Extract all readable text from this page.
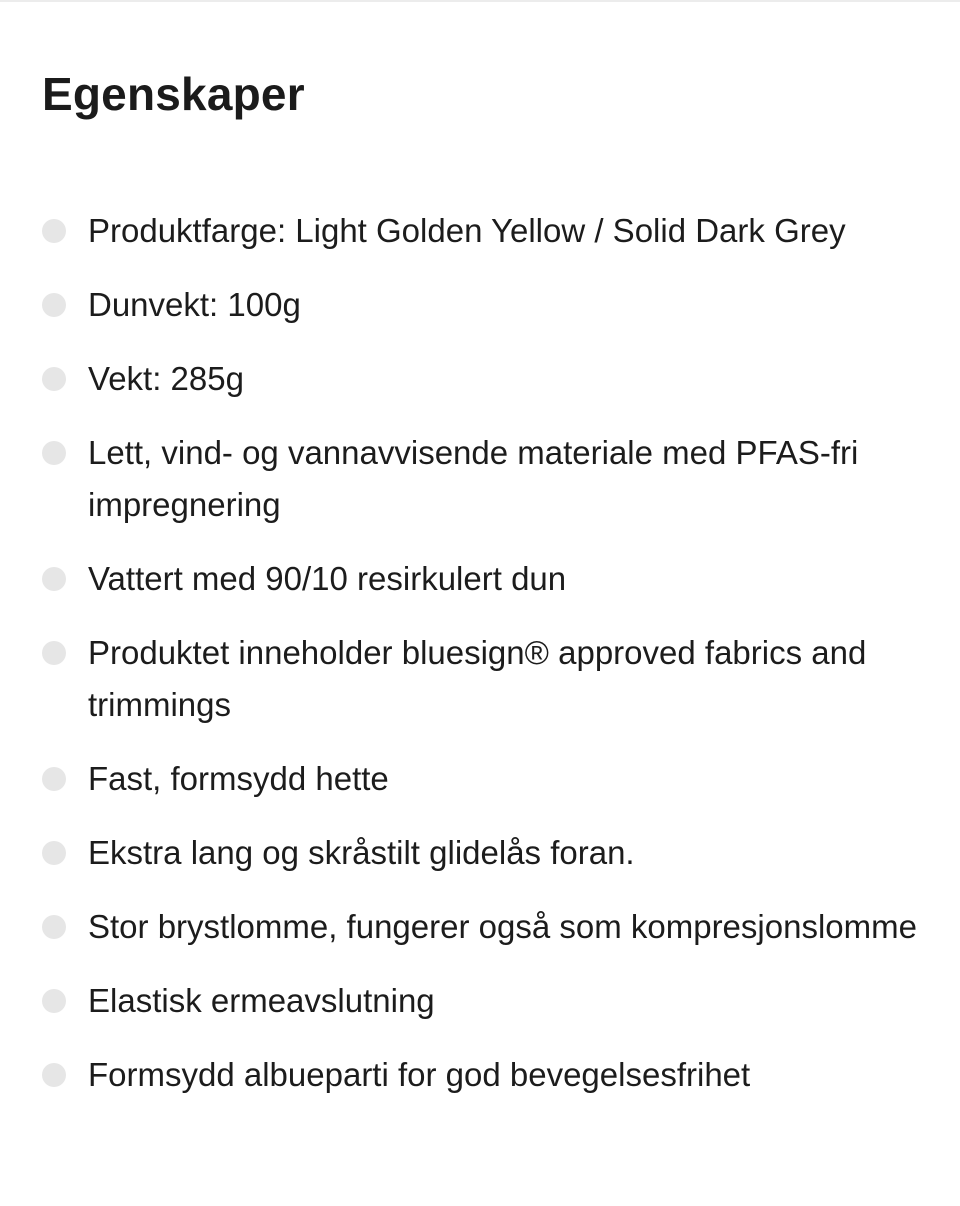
Egenskaper
Produktfarge: Light Golden Yellow / Solid Dark Grey
Dunvekt: 100g
Vekt: 285g
Lett, vind- og vannavvisende materiale med PFAS-fri impregnering
Vattert med 90/10 resirkulert dun
Produktet inneholder bluesign® approved fabrics and trimmings
Fast, formsydd hette
Ekstra lang og skråstilt glidelås foran.
Stor brystlomme, fungerer også som kompresjonslomme
Elastisk ermeavslutning
Formsydd albueparti for god bevegelsesfrihet
